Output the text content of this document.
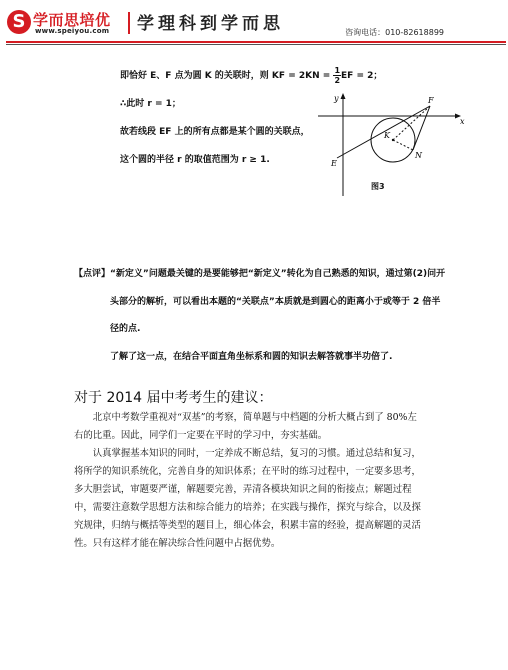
S 学而思培优
www.speiyou.com 学理科到学而思	咨询电话：010-82618899
即恰好 E、F 点为圆 K 的关联时，则 KF = $2KN = \frac{1}{2}$ EF = 2；
∴此时 r = 1；
故若线段 EF 上的所有点都是某个圆的关联点，
这个圆的半径 r 的取值范围为 r ≥ 1.
y
x
F
K
N
E
图3
【点评】“新定义”问题最关键的是要能够把“新定义”转化为自己熟悉的知识，通过第(2)问开
头部分的解析，可以看出本题的“关联点”本质就是到圆心的距离小于或等于 2 倍半
径的点.
了解了这一点，在结合平面直角坐标系和圆的知识去解答就事半功倍了.
对于 2014 届中考考生的建议：

北京中考数学重视对“双基”的考察，简单题与中档题的分析大概占到了 80%左右的比重。因此，同学们一定要在平时的学习中，夯实基础。

认真掌握基本知识的同时，一定养成不断总结，复习的习惯。通过总结和复习，将所学的知识系统化，完善自身的知识体系；在平时的练习过程中，一定要多思考，多大胆尝试，审题要严谨，解题要完善，弄清各模块知识之间的衔接点；解题过程中，需要注意数学思想方法和综合能力的培养；在实践与操作，探究与综合，以及探究规律，归纳与概括等类型的题目上，细心体会，积累丰富的经验，提高解题的灵活性。只有这样才能在解决综合性问题中占据优势。
